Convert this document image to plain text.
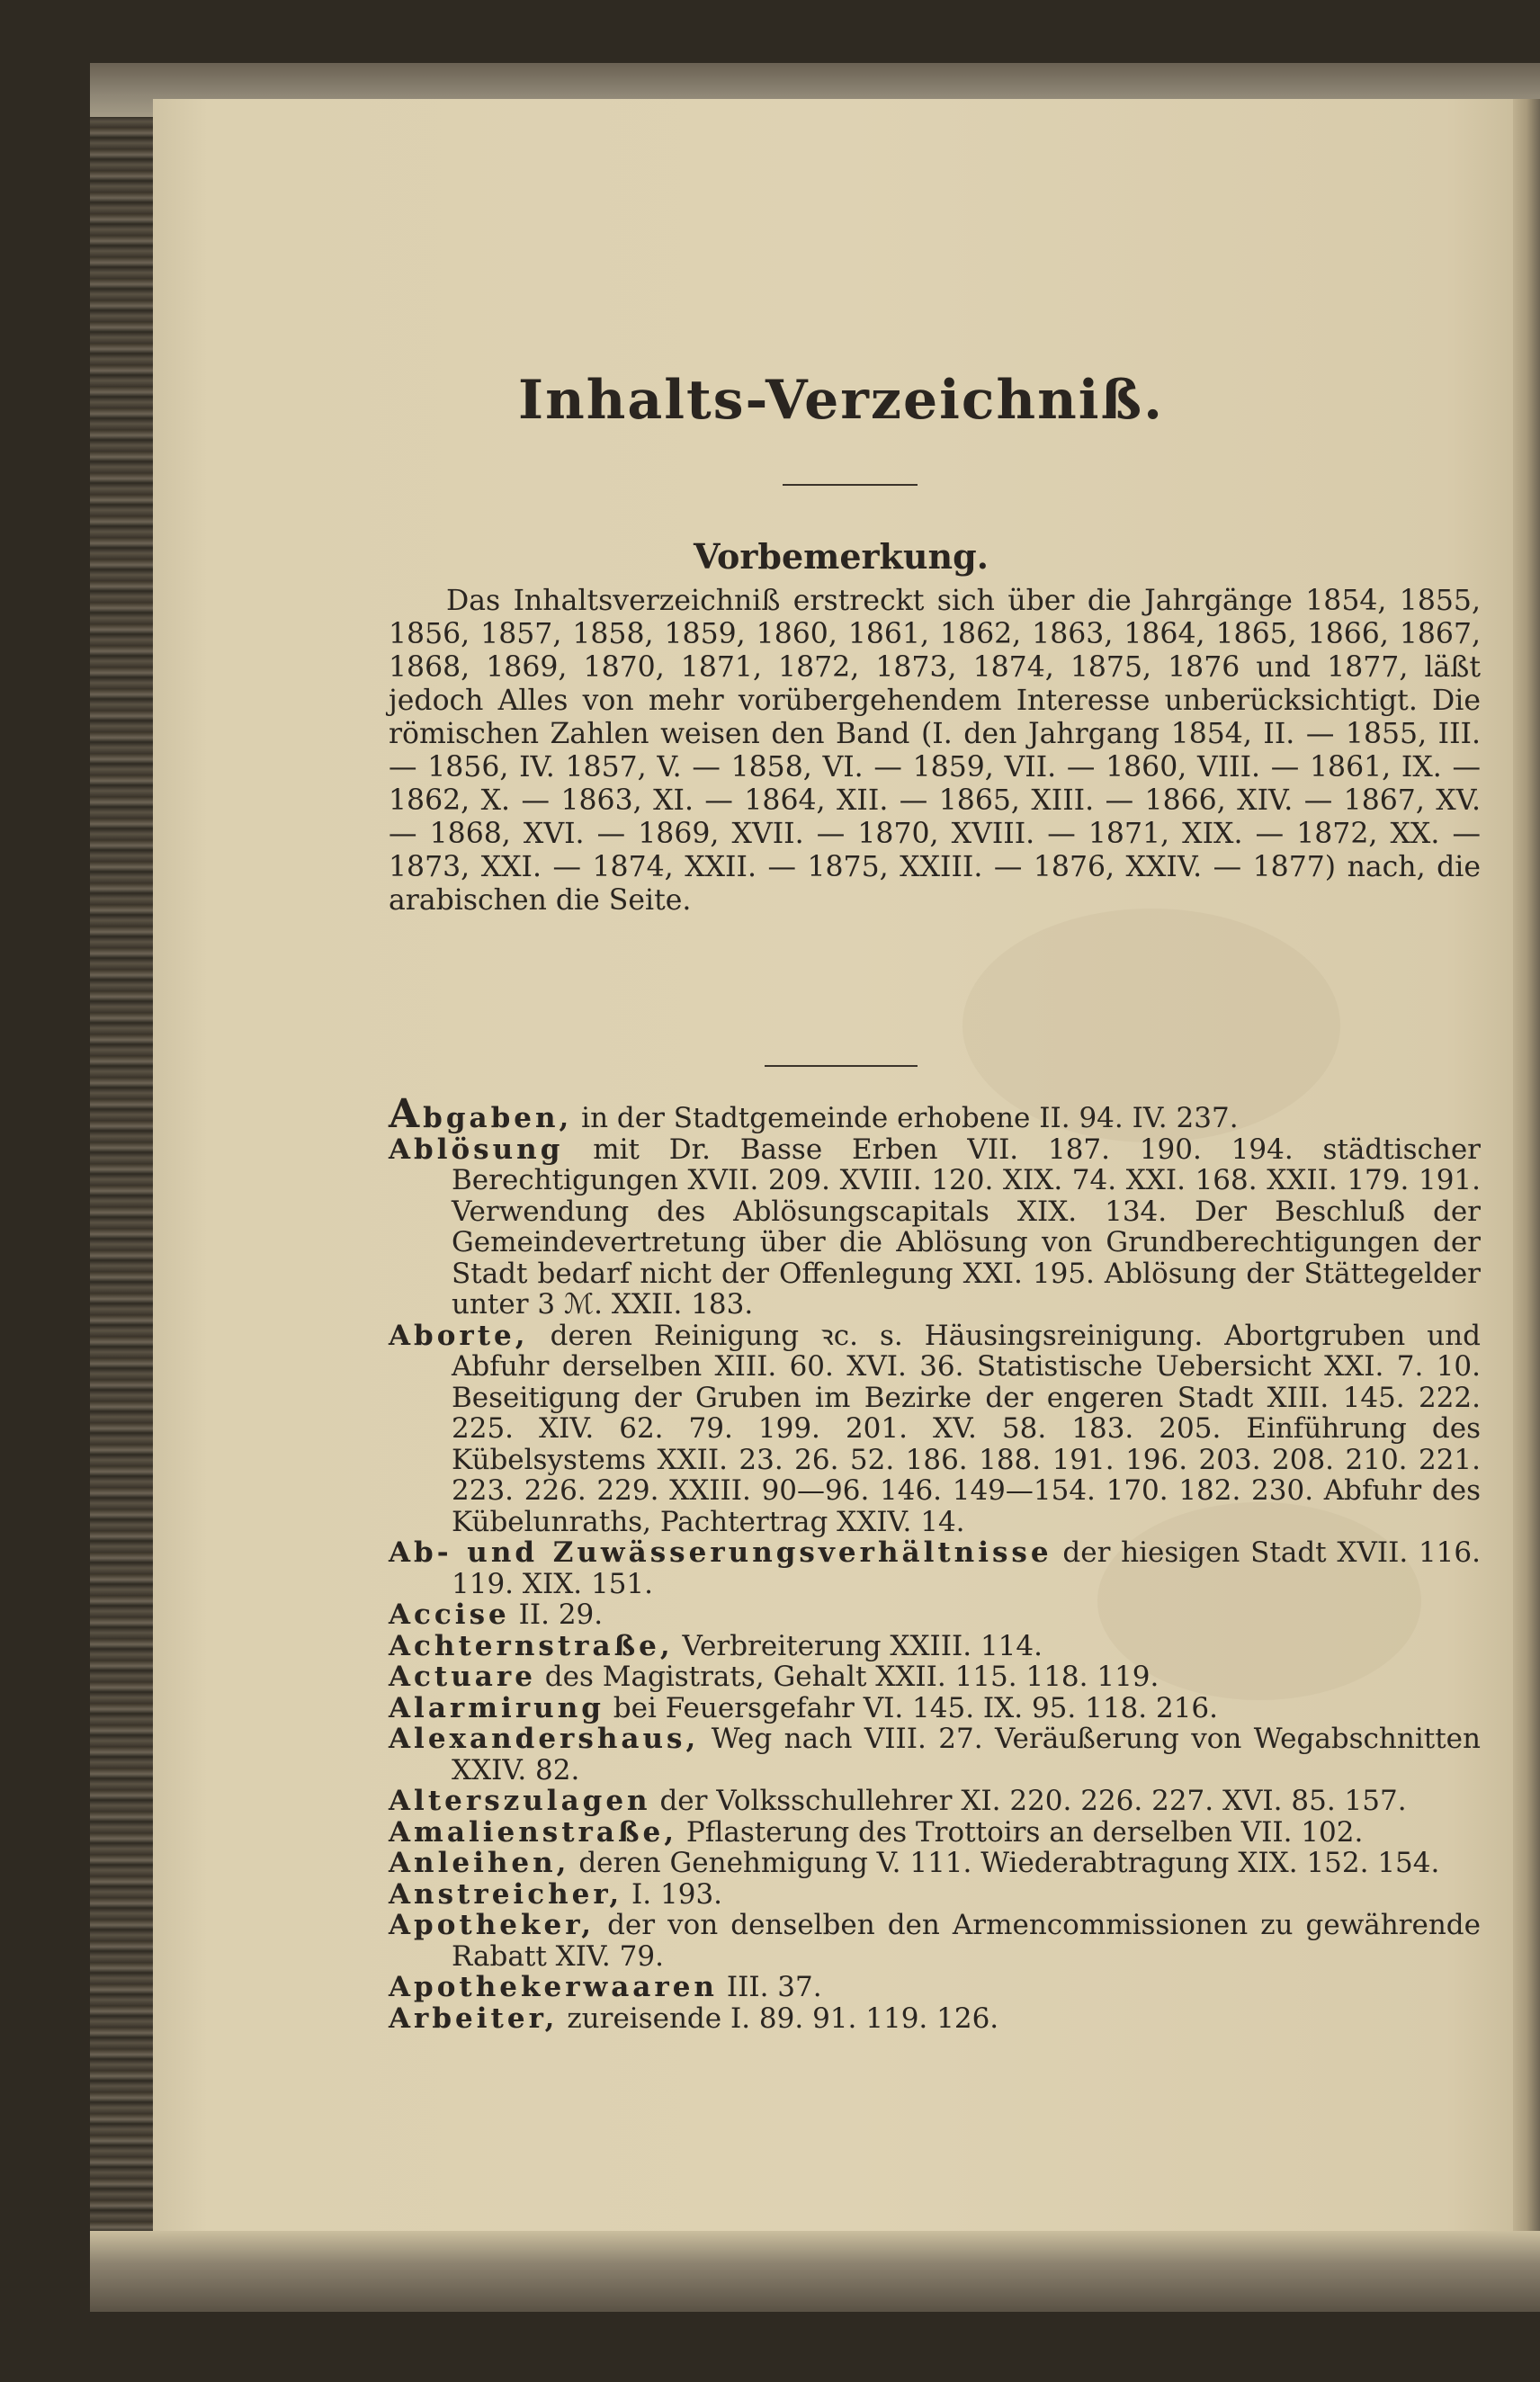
Inhalts-Verzeichniß.
Vorbemerkung.

Das Inhaltsverzeichniß erstreckt sich über die Jahrgänge 1854, 1855, 1856, 1857, 1858, 1859, 1860, 1861, 1862, 1863, 1864, 1865, 1866, 1867, 1868, 1869, 1870, 1871, 1872, 1873, 1874, 1875, 1876 und 1877, läßt jedoch Alles von mehr vorübergehendem Interesse unberücksichtigt. Die römischen Zahlen weisen den Band (I. den Jahrgang 1854, II. — 1855, III. — 1856, IV. 1857, V. — 1858, VI. — 1859, VII. — 1860, VIII. — 1861, IX. — 1862, X. — 1863, XI. — 1864, XII. — 1865, XIII. — 1866, XIV. — 1867, XV. — 1868, XVI. — 1869, XVII. — 1870, XVIII. — 1871, XIX. — 1872, XX. — 1873, XXI. — 1874, XXII. — 1875, XXIII. — 1876, XXIV. — 1877) nach, die arabischen die Seite.

Abgaben, in der Stadtgemeinde erhobene II. 94. IV. 237.
Ablösung mit Dr. Basse Erben VII. 187. 190. 194. städtischer Berechtigungen XVII. 209. XVIII. 120. XIX. 74. XXI. 168. XXII. 179. 191. Verwendung des Ablösungscapitals XIX. 134. Der Beschluß der Gemeindevertretung über die Ablösung von Grundberechtigungen der Stadt bedarf nicht der Offenlegung XXI. 195. Ablösung der Stättegelder unter 3 ℳ. XXII. 183.
Aborte, deren Reinigung ꝛc. s. Häusingsreinigung. Abortgruben und Abfuhr derselben XIII. 60. XVI. 36. Statistische Uebersicht XXI. 7. 10. Beseitigung der Gruben im Bezirke der engeren Stadt XIII. 145. 222. 225. XIV. 62. 79. 199. 201. XV. 58. 183. 205. Einführung des Kübelsystems XXII. 23. 26. 52. 186. 188. 191. 196. 203. 208. 210. 221. 223. 226. 229. XXIII. 90—96. 146. 149—154. 170. 182. 230. Abfuhr des Kübelunraths, Pachtertrag XXIV. 14.
Ab- und Zuwässerungsverhältnisse der hiesigen Stadt XVII. 116. 119. XIX. 151.
Accise II. 29.
Achternstraße, Verbreiterung XXIII. 114.
Actuare des Magistrats, Gehalt XXII. 115. 118. 119.
Alarmirung bei Feuersgefahr VI. 145. IX. 95. 118. 216.
Alexandershaus, Weg nach VIII. 27. Veräußerung von Wegabschnitten XXIV. 82.
Alterszulagen der Volksschullehrer XI. 220. 226. 227. XVI. 85. 157.
Amalienstraße, Pflasterung des Trottoirs an derselben VII. 102.
Anleihen, deren Genehmigung V. 111. Wiederabtragung XIX. 152. 154.
Anstreicher, I. 193.
Apotheker, der von denselben den Armencommissionen zu gewährende Rabatt XIV. 79.
Apothekerwaaren III. 37.
Arbeiter, zureisende I. 89. 91. 119. 126.
